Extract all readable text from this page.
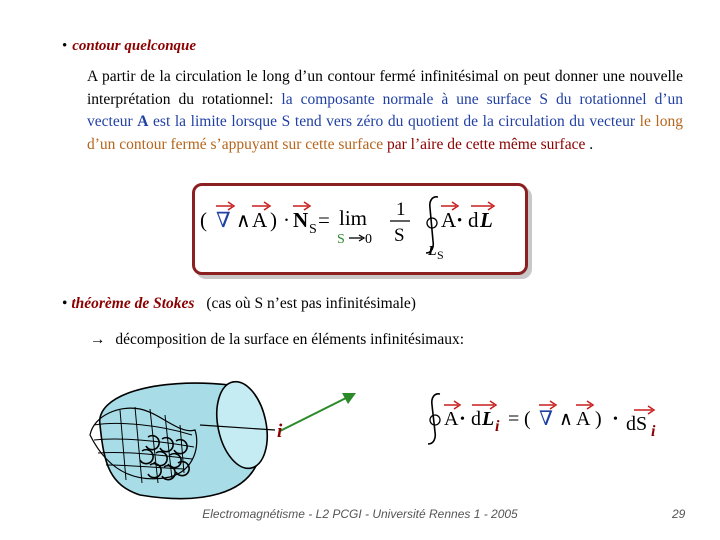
• contour quelconque
A partir de la circulation le long d’un contour fermé infinitésimal on peut donner une nouvelle interprétation du rotationnel: la composante normale à une surface S du rotationnel d’un vecteur A est la limite lorsque S tend vers zéro du quotient de la circulation du vecteur le long d’un contour fermé s’appuyant sur cette surface par l’aire de cette même surface .
( ∇ ∧ A ) · N S = lim
S 0
1
S
A • d L
L S
• théorème de Stokes (cas où S n’est pas infinitésimale)
→ décomposition de la surface en éléments infinitésimaux:
i
A • d L i = ( ∇ ∧ A ) • dS i
Electromagnétisme - L2 PCGI - Université Rennes 1 - 2005	29
